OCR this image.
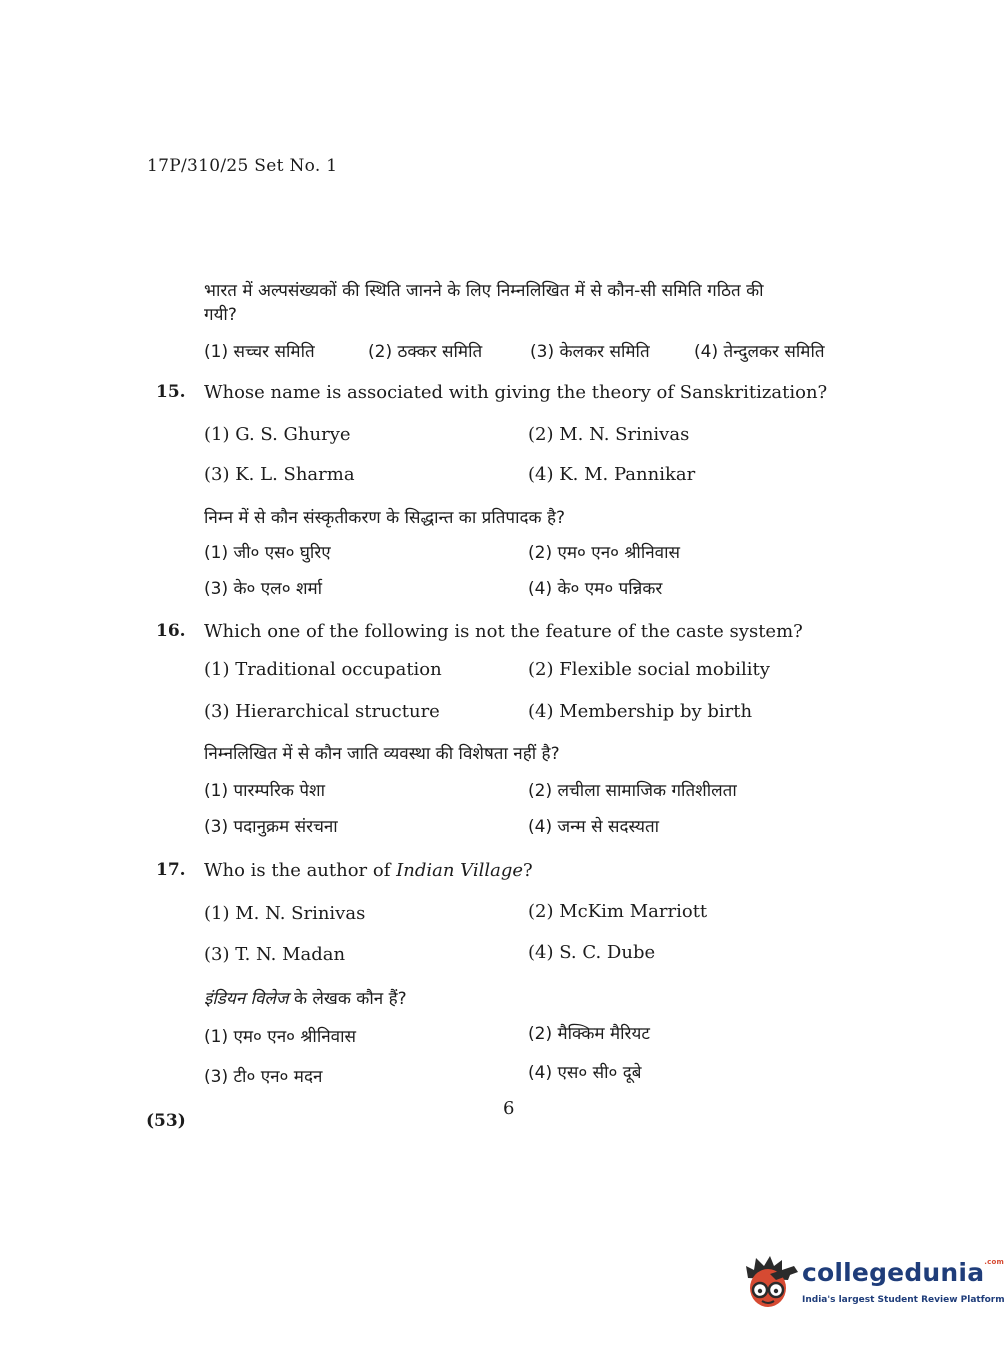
17P/310/25 Set No. 1
भारत में अल्पसंख्यकों की स्थिति जानने के लिए निम्नलिखित में से कौन-सी समिति गठित की
गयी?
(1) सच्चर समिति	(2) ठक्कर समिति	(3) केलकर समिति	(4) तेन्दुलकर समिति
15. Whose name is associated with giving the theory of Sanskritization?
(1) G. S. Ghurye	(2) M. N. Srinivas
(3) K. L. Sharma	(4) K. M. Pannikar
निम्न में से कौन संस्कृतीकरण के सिद्धान्त का प्रतिपादक है?
(1) जी० एस० घुरिए	(2) एम० एन० श्रीनिवास
(3) के० एल० शर्मा	(4) के० एम० पन्निकर
16. Which one of the following is not the feature of the caste system?
(1) Traditional occupation	(2) Flexible social mobility
(3) Hierarchical structure	(4) Membership by birth
निम्नलिखित में से कौन जाति व्यवस्था की विशेषता नहीं है?
(1) पारम्परिक पेशा	(2) लचीला सामाजिक गतिशीलता
(3) पदानुक्रम संरचना	(4) जन्म से सदस्यता
17. Who is the author of Indian Village?
(1) M. N. Srinivas	(2) McKim Marriott
(3) T. N. Madan	(4) S. C. Dube
इंडियन विलेज के लेखक कौन हैं?
(1) एम० एन० श्रीनिवास	(2) मैक्किम मैरियट
(3) टी० एन० मदन	(4) एस० सी० दूबे
6
(53)
collegedunia$^{.com}$
India's largest Student Review Platform
